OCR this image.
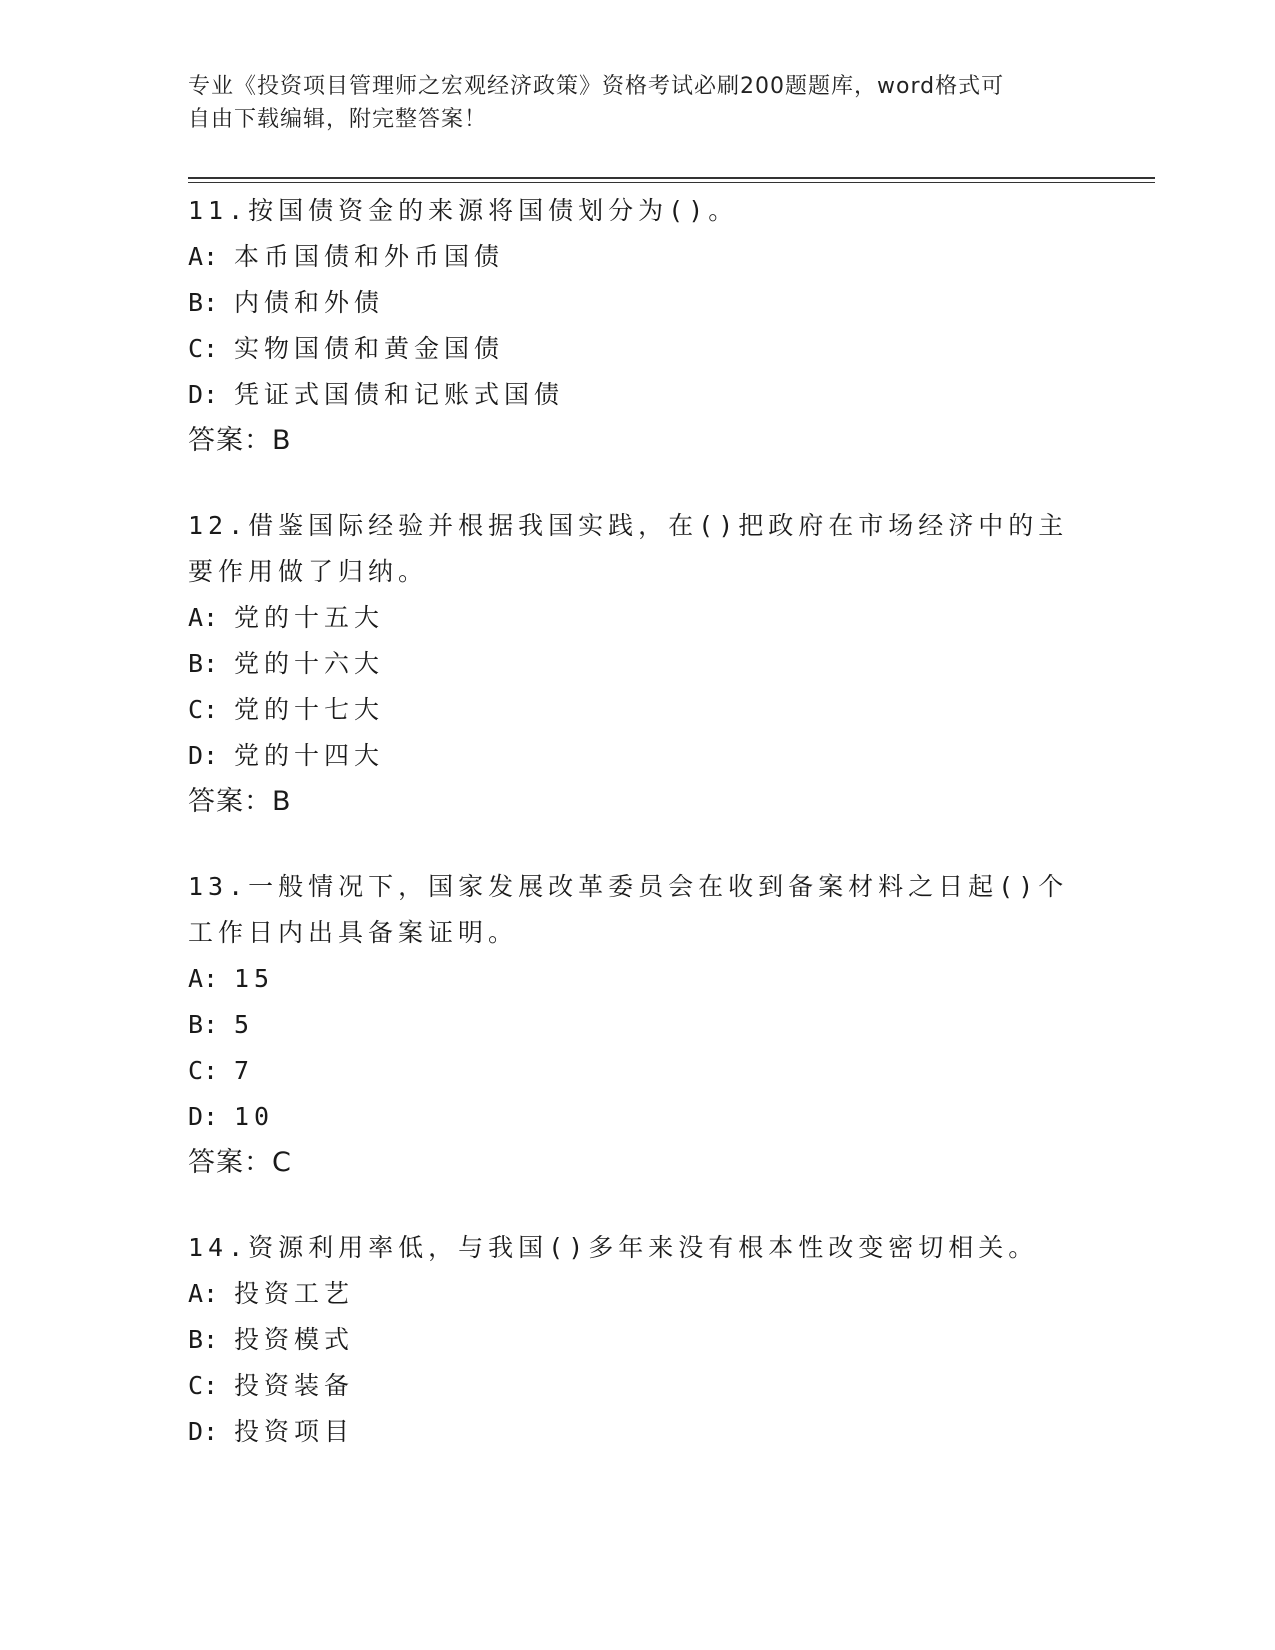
专业《投资项目管理师之宏观经济政策》资格考试必刷200题题库，word格式可
自由下载编辑，附完整答案！

11.按国债资金的来源将国债划分为()。

A: 本币国债和外币国债

B: 内债和外债

C: 实物国债和黄金国债

D: 凭证式国债和记账式国债

答案：B

12.借鉴国际经验并根据我国实践，在()把政府在市场经济中的主要作用做了归纳。

A: 党的十五大

B: 党的十六大

C: 党的十七大

D: 党的十四大

答案：B

13.一般情况下，国家发展改革委员会在收到备案材料之日起()个工作日内出具备案证明。

A: 15

B: 5

C: 7

D: 10

答案：C

14.资源利用率低，与我国()多年来没有根本性改变密切相关。

A: 投资工艺

B: 投资模式

C: 投资装备

D: 投资项目
